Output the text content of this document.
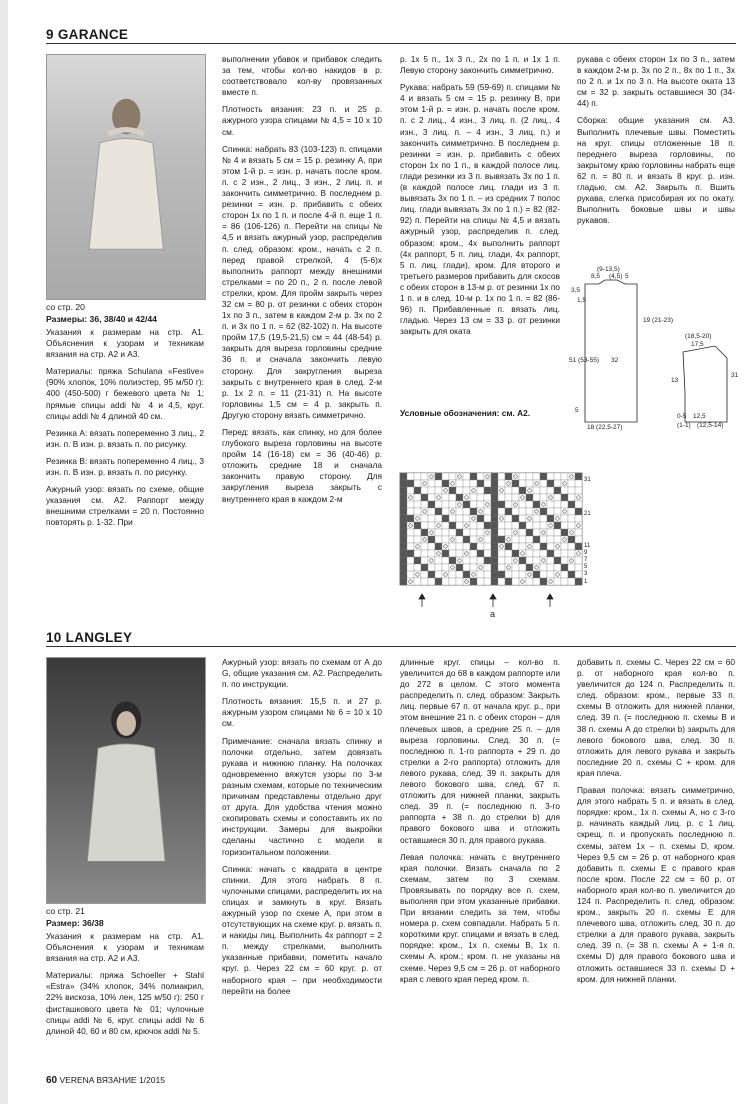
9 GARANCE
со стр. 20
Размеры: 36, 38/40 и 42/44

Указания к размерам на стр. А1. Объяснения к узорам и техникам вязания на стр. А2 и А3.

Материалы: пряжа Schulana «Festive» (90% хлопок, 10% полиэстер, 95 м/50 г): 400 (450-500) г бежевого цвета № 1; прямые спицы addi № 4 и 4,5, круг. спицы addi № 4 длиной 40 см.

Резинка А: вязать попеременно 3 лиц., 2 изн. п. В изн. р. вязать п. по рисунку.

Резинка В: вязать попеременно 4 лиц., 3 изн. п. В изн. р. вязать п. по рисунку.

Ажурный узор: вязать по схеме, общие указания см. А2. Раппорт между внешними стрелками = 20 п. Постоянно повторять р. 1-32. При

выполнении убавок и прибавок следить за тем, чтобы кол-во накидов в р. соответствовало кол-ву провязанных вместе п.

Плотность вязания: 23 п. и 25 р. ажурного узора спицами № 4,5 = 10 х 10 см.

Спинка: набрать 83 (103-123) п. спицами № 4 и вязать 5 см = 15 р. резинку А, при этом 1-й р. = изн. р. начать после кром. п. с 2 изн., 2 лиц., 3 изн., 2 лиц. п. и закончить симметрично. В последнем р. резинки = изн. р. прибавить с обеих сторон 1х по 1 п. и после 4-й п. еще 1 п. = 86 (106-126) п. Перейти на спицы № 4,5 и вязать ажурный узор, распределив п. след. образом: кром., начать с 2 п. перед правой стрелкой, 4 (5-6)х выполнить раппорт между внешними стрелками = по 20 п., 2 п. после левой стрелки, кром. Для пройм закрыть через 32 см = 80 р. от резинки с обеих сторон 1х по 3 п., затем в каждом 2-м р. 3х по 2 п. и 3х по 1 п. = 62 (82-102) п. На высоте пройм 17,5 (19,5-21,5) см = 44 (48-54) р. закрыть для выреза горловины средние 36 п. и сначала закончить левую сторону. Для закругления выреза закрыть с внутреннего края в след. 2-м р. 1х 2 п. = 11 (21-31) п. На высоте горловины 1,5 см = 4 р. закрыть п. Другую сторону вязать симметрично.

Перед: вязать, как спинку, но для более глубокого выреза горловины на высоте пройм 14 (16-18) см = 36 (40-46) р. отложить средние 18 и сначала закончить правую сторону. Для закругления выреза закрыть с внутреннего края в каждом 2-м

р. 1х 5 п., 1х 3 п., 2х по 1 п. и 1х 1 п. Левую сторону закончить симметрично.

Рукава: набрать 59 (59-69) п. спицами № 4 и вязать 5 см = 15 р. резинку В, при этом 1-й р. = изн. р. начать после кром. п. с 2 лиц., 4 изн., 3 лиц. п. (2 лиц., 4 изн., 3 лиц. п. – 4 изн., 3 лиц. п.) и закончить симметрично. В последнем р. резинки = изн. р. прибавить с обеих сторон 1х по 1 п., в каждой полосе лиц. глади резинки из 3 п. вывязать 3х по 1 п. (в каждой полосе лиц. глади из 3 п. вывязать 3х по 1 п. – из средних 7 полос лиц. глади вывязать 3х по 1 п.) = 82 (82-92) п. Перейти на спицы № 4,5 и вязать ажурный узор, распределив п. след. образом: кром., 4х выполнить раппорт (4х раппорт, 5 п. лиц. глади, 4х раппорт, 5 п. лиц. глади), кром. Для второго и третьего размеров прибавить для скосов с обеих сторон в 13-м р. от резинки 1х по 1 п. и в след. 10-м р. 1х по 1 п. = 82 (86-96) п. Прибавленные п. вязать лиц. гладью. Через 13 см = 33 р. от резинки закрыть для оката

рукава с обеих сторон 1х по 3 п., затем в каждом 2-м р. 3х по 2 п., 8х по 1 п., 3х по 2 п. и 1х по 3 п. На высоте оката 13 см = 32 р. закрыть оставшиеся 30 (34-44) п.

Сборка: общие указания см. А3. Выполнить плечевые швы. Поместить на круг. спицы отложенные 18 п. переднего выреза горловины, по закрытому краю горловины набрать еще 62 п. = 80 п. и вязать 8 круг. р. изн. гладью, см. А2. Закрыть п. Вшить рукава, слегка присобирая их по окату. Выполнить боковые швы и швы рукавов.

(9-13,5)
8,5 (4,5) 5
3,5
1,5
19 (21-23)
51 (53-55) 32
5
18 (22,5-27)
(18,5-20)
17,5
13
31
0-5 12,5
(1-1) (12,5-14)
Условные обозначения: см. А2.
31
21
11
9
7
5
3
1
a
10 LANGLEY
со стр. 21
Размер: 36/38

Указания к размерам на стр. А1. Объяснения к узорам и техникам вязания на стр. А2 и А3.

Материалы: пряжа Schoeller + Stahl «Estra» (34% хлопок, 34% полиакрил, 22% вискоза, 10% лен, 125 м/50 г): 250 г фисташкового цвета № 01; чулочные спицы addi № 6, круг. спицы addi № 6 длиной 40, 60 и 80 см, крючок addi № 5.

Ажурный узор: вязать по схемам от А до G, общие указания см. А2. Распределить п. по инструкции.

Плотность вязания: 15,5 п. и 27 р. ажурным узором спицами № 6 = 10 х 10 см.

Примечание: сначала вязать спинку и полочки отдельно, затем довязать рукава и нижнюю планку. На полочках одновременно вяжутся узоры по 3-м разным схемам, которые по техническим причинам представлены отдельно друг от друга. Для удобства чтения можно скопировать схемы и сопоставить их по инструкции. Замеры для выкройки сделаны частично с модели в горизонтальном положении.

Спинка: начать с квадрата в центре спинки. Для этого набрать 8 п. чулочными спицами, распределить их на спицах и замкнуть в круг. Вязать ажурный узор по схеме А, при этом в отсутствующих на схеме круг. р. вязать п. и накиды лиц. Выполнить 4х раппорт = 2 п. между стрелками, выполнить указанные прибавки, пометить начало круг. р. Через 22 см = 60 круг. р. от наборного края – при необходимости перейти на более

длинные круг. спицы – кол-во п. увеличится до 68 в каждом раппорте или до 272 в целом. С этого момента распределить п. след. образом: Закрыть лиц. первые 67 п. от начала круг. р., при этом внешние 21 п. с обеих сторон – для плечевых швов, а средние 25 п. – для выреза горловины. След. 30 п. (= последнюю п. 1-го раппорта + 29 п. до стрелки а 2-го раппорта) отложить для левого рукава, след. 39 п. закрыть для левого бокового шва, след. 67 п. отложить для нижней планки, закрыть след. 39 п. (= последнюю п. 3-го раппорта + 38 п. до стрелки b) для правого бокового шва и отложить оставшиеся 30 п. для правого рукава.

Левая полочка: начать с внутреннего края полочки. Вязать сначала по 2 схемам, затем по 3 схемам. Провязывать по порядку все п. схем, выполняя при этом указанные прибавки. При вязании следить за тем, чтобы номера р. схем совпадали. Набрать 5 п. короткими круг. спицами и вязать в след. порядке: кром., 1х п. схемы В, 1х п. схемы А, кром.; кром. п. не указаны на схеме. Через 9,5 см = 26 р. от наборного края с левого края перед кром. п.

добавить п. схемы С. Через 22 см = 60 р. от наборного края кол-во п. увеличится до 124 п. Распределить п. след. образом: кром., первые 33 п. схемы В отложить для нижней планки, след. 39 п. (= последнюю п. схемы В и 38 п. схемы А до стрелки b) закрыть для левого бокового шва, след. 30 п. отложить для левого рукава и закрыть последние 20 п. схемы С + кром. для края плеча.

Правая полочка: вязать симметрично, для этого набрать 5 п. и вязать в след. порядке: кром., 1х п. схемы А, но с 3-го р. начинать каждый лиц. р. с 1 лиц. скрещ. п. и пропускать последнюю п. схемы, затем 1х – п. схемы D, кром. Через 9,5 см = 26 р. от наборного края добавить п. схемы Е с правого края после кром. После 22 см = 60 р. от наборного края кол-во п. увеличится до 124 п. Распределить п. след. образом: кром., закрыть 20 п. схемы Е для плечевого шва, отложить след. 30 п. до стрелки а для правого рукава, закрыть след. 39 п. (= 38 п. схемы А + 1-я п. схемы D) для правого бокового шва и отложить оставшиеся 33 п. схемы D + кром. для нижней планки.

60 VERENA ВЯЗАНИЕ 1/2015
